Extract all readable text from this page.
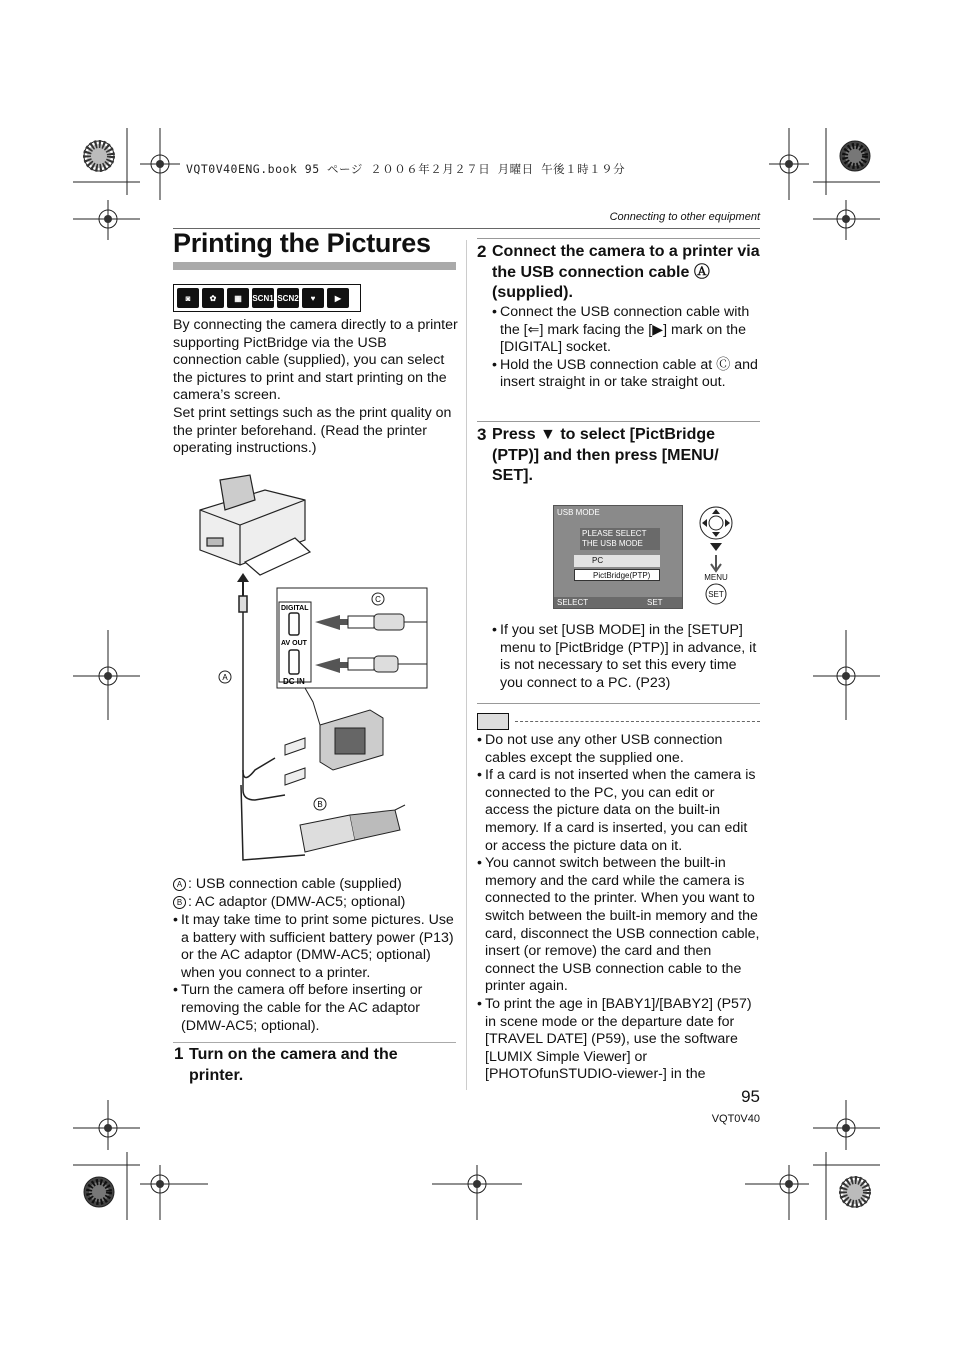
VQT0V40ENG.book 95 ページ ２００６年２月２７日 月曜日 午後１時１９分
Connecting to other equipment
Printing the Pictures
◙	✿	▦	SCN1 SCN2	♥	▶

By connecting the camera directly to a printer supporting PictBridge via the USB connection cable (supplied), you can select the pictures to print and start printing on the camera’s screen.

Set print settings such as the print quality on the printer beforehand. (Read the printer operating instructions.)

A
DIGITAL
AV OUT
DC IN
C
B
A : USB connection cable (supplied)
B : AC adaptor (DMW-AC5; optional)
• It may take time to print some pictures. Use a battery with sufficient battery power (P13) or the AC adaptor (DMW-AC5; optional) when you connect to a printer.
• Turn the camera off before inserting or removing the cable for the AC adaptor (DMW-AC5; optional).
1 Turn on the camera and the printer.
2 Connect the camera to a printer via the USB connection cable Ⓐ (supplied).
• Connect the USB connection cable with the [⇐] mark facing the [▶] mark on the [DIGITAL] socket.
• Hold the USB connection cable at Ⓒ and insert straight in or take straight out.
3 Press ▼ to select [PictBridge (PTP)] and then press [MENU/ SET].
USB MODE
PLEASE SELECT THE USB MODE
PC
PictBridge(PTP)
SELECT	SET
MENU
SET
• If you set [USB MODE] in the [SETUP] menu to [PictBridge (PTP)] in advance, it is not necessary to set this every time you connect to a PC. (P23)
• Do not use any other USB connection cables except the supplied one.
• If a card is not inserted when the camera is connected to the PC, you can edit or access the picture data on the built-in memory. If a card is inserted, you can edit or access the picture data on it.
• You cannot switch between the built-in memory and the card while the camera is connected to the printer. When you want to switch between the built-in memory and the card, disconnect the USB connection cable, insert (or remove) the card and then connect the USB connection cable to the printer again.
• To print the age in [BABY1]/[BABY2] (P57) in scene mode or the departure date for [TRAVEL DATE] (P59), use the software [LUMIX Simple Viewer] or [PHOTOfunSTUDIO-viewer-] in the
95
VQT0V40
